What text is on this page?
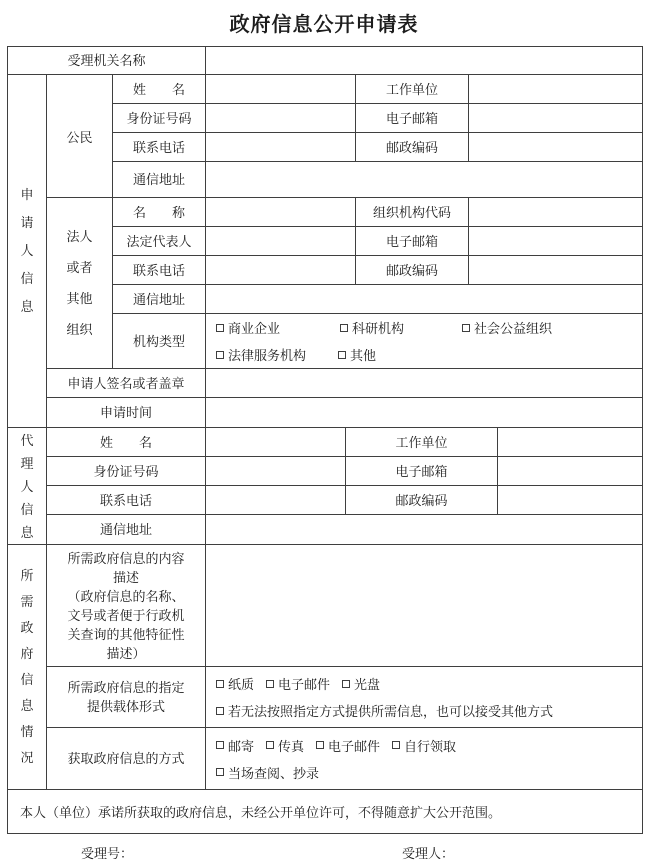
政府信息公开申请表
受理机关名称
申请人信息
公民
姓　　名	工作单位
身份证号码	电子邮箱
联系电话	邮政编码
通信地址
法人或者其他组织
名　　称	组织机构代码
法定代表人	电子邮箱
联系电话	邮政编码
通信地址
机构类型
商业企业	科研机构	社会公益组织
法律服务机构	其他
申请人签名或者盖章
申请时间
代理人信息
姓　　名	工作单位
身份证号码	电子邮箱
联系电话	邮政编码
通信地址
所需政府信息情况
所需政府信息的内容
描述
（政府信息的名称、
文号或者便于行政机
关查询的其他特征性
描述）
所需政府信息的指定
提供载体形式
纸质 电子邮件 光盘
若无法按照指定方式提供所需信息，也可以接受其他方式
获取政府信息的方式
邮寄 传真 电子邮件 自行领取
当场查阅、抄录
本人（单位）承诺所获取的政府信息，未经公开单位许可，不得随意扩大公开范围。
受理号：	受理人：
